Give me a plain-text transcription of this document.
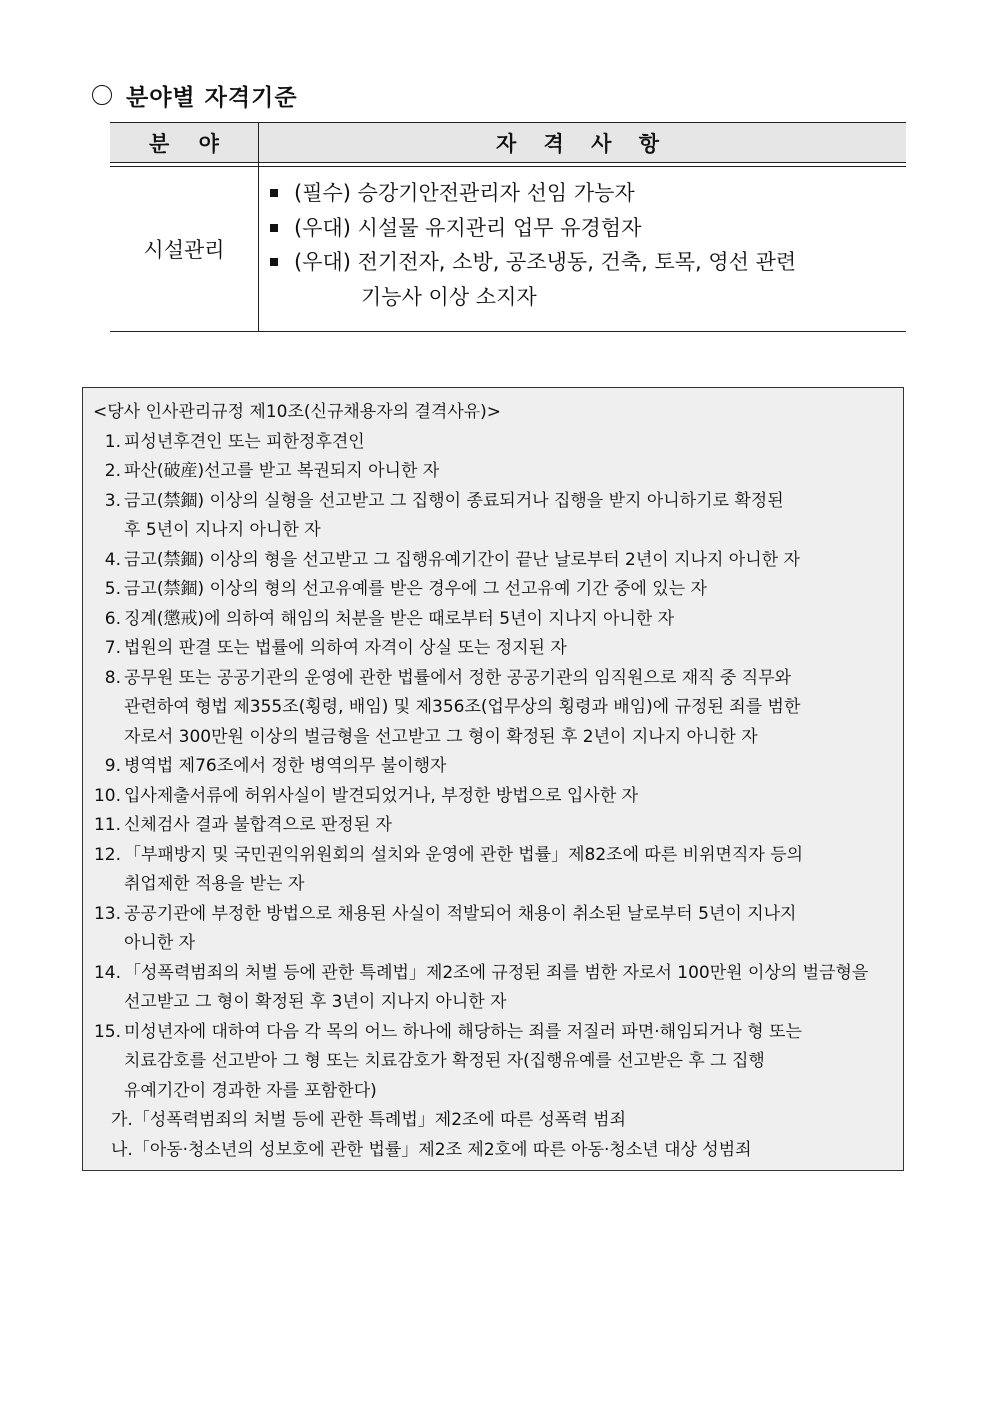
분야별 자격기준
분 야	자 격 사 항
시설관리
(필수) 승강기안전관리자 선임 가능자
(우대) 시설물 유지관리 업무 유경험자
(우대) 전기전자, 소방, 공조냉동, 건축, 토목, 영선 관련
기능사 이상 소지자
<당사 인사관리규정 제10조(신규채용자의 결격사유)>
1. 피성년후견인 또는 피한정후견인
2. 파산(破産)선고를 받고 복권되지 아니한 자
3. 금고(禁錮) 이상의 실형을 선고받고 그 집행이 종료되거나 집행을 받지 아니하기로 확정된
후 5년이 지나지 아니한 자
4. 금고(禁錮) 이상의 형을 선고받고 그 집행유예기간이 끝난 날로부터 2년이 지나지 아니한 자
5. 금고(禁錮) 이상의 형의 선고유예를 받은 경우에 그 선고유예 기간 중에 있는 자
6. 징계(懲戒)에 의하여 해임의 처분을 받은 때로부터 5년이 지나지 아니한 자
7. 법원의 판결 또는 법률에 의하여 자격이 상실 또는 정지된 자
8. 공무원 또는 공공기관의 운영에 관한 법률에서 정한 공공기관의 임직원으로 재직 중 직무와
관련하여 형법 제355조(횡령, 배임) 및 제356조(업무상의 횡령과 배임)에 규정된 죄를 범한
자로서 300만원 이상의 벌금형을 선고받고 그 형이 확정된 후 2년이 지나지 아니한 자
9. 병역법 제76조에서 정한 병역의무 불이행자
10. 입사제출서류에 허위사실이 발견되었거나, 부정한 방법으로 입사한 자
11. 신체검사 결과 불합격으로 판정된 자
12. 「부패방지 및 국민권익위원회의 설치와 운영에 관한 법률」제82조에 따른 비위면직자 등의
취업제한 적용을 받는 자
13. 공공기관에 부정한 방법으로 채용된 사실이 적발되어 채용이 취소된 날로부터 5년이 지나지
아니한 자
14. 「성폭력범죄의 처벌 등에 관한 특례법」제2조에 규정된 죄를 범한 자로서 100만원 이상의 벌금형을
선고받고 그 형이 확정된 후 3년이 지나지 아니한 자
15. 미성년자에 대하여 다음 각 목의 어느 하나에 해당하는 죄를 저질러 파면·해임되거나 형 또는
치료감호를 선고받아 그 형 또는 치료감호가 확정된 자(집행유예를 선고받은 후 그 집행
유예기간이 경과한 자를 포함한다)
가.「성폭력범죄의 처벌 등에 관한 특례법」제2조에 따른 성폭력 범죄
나.「아동·청소년의 성보호에 관한 법률」제2조 제2호에 따른 아동·청소년 대상 성범죄
